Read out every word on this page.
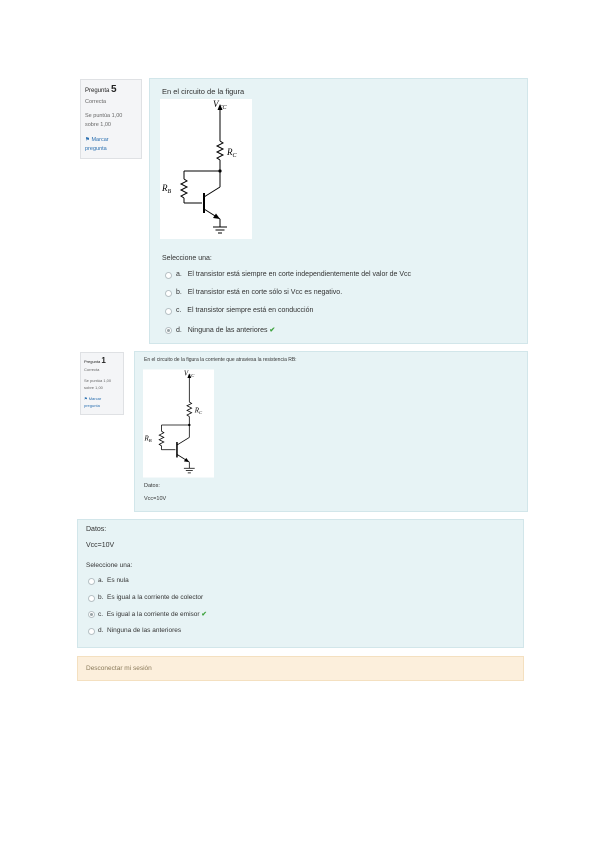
Pregunta 5
Correcta
Se puntúa 1,00
sobre 1,00
⚑ Marcar
pregunta
En el circuito de la figura
$V_{CC}$
$R_C$
$R_B$
Seleccione una:
a. El transistor está siempre en corte independientemente del valor de Vcc
b. El transistor está en corte sólo si Vcc es negativo.
c. El transistor siempre está en conducción
d. Ninguna de las anteriores ✔
Pregunta 1
Correcta
Se puntúa 1,00
sobre 1,00
⚑ Marcar
pregunta
En el circuito de la figura la corriente que atraviesa la resistencia RB:
$V_{CC}$
$R_C$
$R_B$
Datos:
Vcc=10V
Datos:
Vcc=10V
Seleccione una:
a. Es nula
b. Es igual a la corriente de colector
c. Es igual a la corriente de emisor ✔
d. Ninguna de las anteriores
Desconectar mi sesión
